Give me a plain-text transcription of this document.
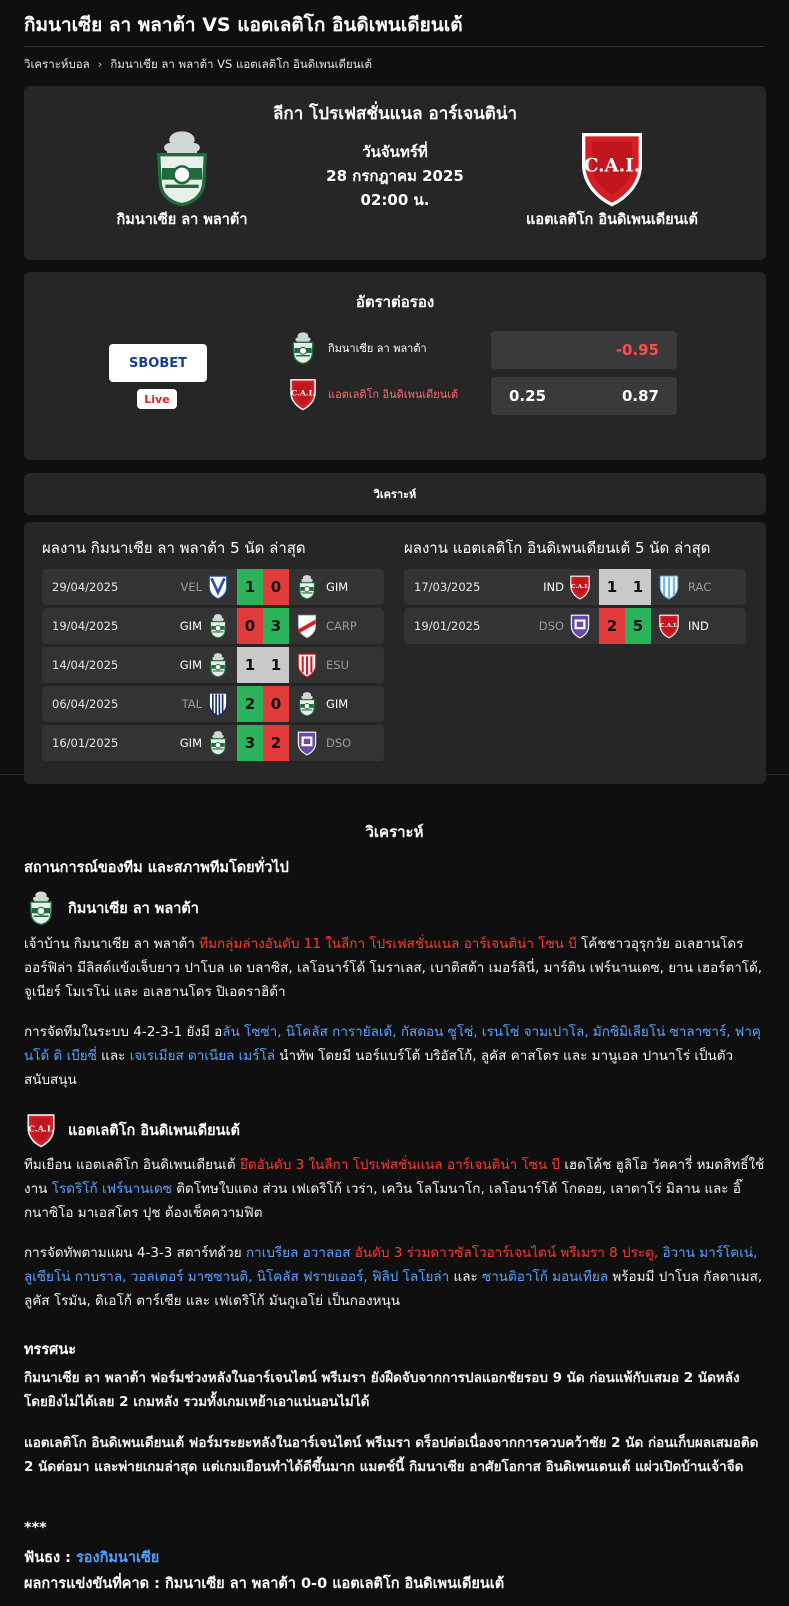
กิมนาเซีย ลา พลาต้า VS แอตเลติโก อินดิเพนเดียนเต้
วิเคราะห์บอล › กิมนาเซีย ลา พลาต้า VS แอตเลติโก อินดิเพนเดียนเต้
ลีกา โปรเฟสชั่นแนล อาร์เจนติน่า
กิมนาเซีย ลา พลาต้า	แอตเลติโก อินดิเพนเดียนเต้
วันจันทร์ที่
28 กรกฎาคม 2025
02:00 น.
อัตราต่อรอง
SBOBET
Live
กิมนาเซีย ลา พลาต้า
แอตเลติโก อินดิเพนเดียนเต้
-0.95
0.25	0.87
วิเคราะห์
ผลงาน กิมนาเซีย ลา พลาต้า 5 นัด ล่าสุด
29/04/2025	VEL	1	0	GIM
19/04/2025	GIM	0	3	CARP
14/04/2025	GIM	1	1	ESU
06/04/2025	TAL	2	0	GIM
16/01/2025	GIM	3	2	DSO
ผลงาน แอตเลติโก อินดิเพนเดียนเต้ 5 นัด ล่าสุด
17/03/2025	IND	1	1	RAC
19/01/2025	DSO	2	5	IND
วิเคราะห์
สถานการณ์ของทีม และสภาพทีมโดยทั่วไป
กิมนาเซีย ลา พลาต้า

เจ้าบ้าน กิมนาเซีย ลา พลาต้า ทีมกลุ่มล่างอันดับ 11 ในลีกา โปรเฟสชั่นแนล อาร์เจนติน่า โซน บี โค้ชชาวอุรุกวัย อเลฮานโดร ออร์ฟิล่า มีลิสต์แข้งเจ็บยาว ปาโบล เด บลาซิส, เลโอนาร์โด้ โมราเลส, เบาติสต้า เมอร์ลินี่, มาร์ติน เฟร์นานเดซ, ยาน เฮอร์ตาโด้, จูเนียร์ โมเรโน่ และ อเลฮานโดร ปิเอดราฮิต้า

การจัดทีมในระบบ 4-2-3-1 ยังมี อลัน โซซ่า, นิโคลัส การายัลเด้, กัสตอน ซูโซ่, เรนโซ่ จามเปาโล, มักซิมิเลียโน่ ซาลาซาร์, ฟาคุนโด้ ดิ เบียซี่ และ เจเรเมียส ดาเนียล เมร์โล่ นำทัพ โดยมี นอร์แบร์โต้ บริอัสโก้, ลูคัส คาสโตร และ มานูเอล ปานาโร่ เป็นตัวสนับสนุน

แอตเลติโก อินดิเพนเดียนเต้

ทีมเยือน แอตเลติโก อินดิเพนเดียนเต้ ยึดอันดับ 3 ในลีกา โปรเฟสชั่นแนล อาร์เจนติน่า โซน บี เฮดโค้ช ฮูลิโอ วัคคารี่ หมดสิทธิ์ใช้งาน โรดริโก้ เฟร์นานเดซ ติดโทษใบแดง ส่วน เฟเดริโก้ เวร่า, เควิน โลโมนาโก, เลโอนาร์โด้ โกดอย, เลาตาโร่ มิลาน และ อิ๊กนาซิโอ มาเอสโตร ปุช ต้องเช็คความฟิต

การจัดทัพตามแผน 4-3-3 สตาร์ทด้วย กาเบรียล อวาลอส อันดับ 3 ร่วมดาวซัลโวอาร์เจนไตน์ พรีเมรา 8 ประตู, อิวาน มาร์โคเน่, ลูเซียโน่ กาบราล, วอลเตอร์ มาซซานติ, นิโคลัส ฟรายเออร์, ฟิลิป โลโยล่า และ ซานติอาโก้ มอนเทียล พร้อมมี ปาโบล กัลดาเมส, ลูคัส โรมัน, ดิเอโก้ ตาร์เซีย และ เฟเดริโก้ มันกูเอโย่ เป็นกองหนุน

ทรรศนะ

กิมนาเซีย ลา พลาต้า ฟอร์มช่วงหลังในอาร์เจนไตน์ พรีเมรา ยังฝืดจับจากการปลแอกชัยรอบ 9 นัด ก่อนแพ้กับเสมอ 2 นัดหลัง โดยยิงไม่ได้เลย 2 เกมหลัง รวมทั้งเกมเหย้าเอาแน่นอนไม่ได้

แอตเลติโก อินดิเพนเดียนเต้ ฟอร์มระยะหลังในอาร์เจนไตน์ พรีเมรา ดร็อปต่อเนื่องจากการควบคว้าชัย 2 นัด ก่อนเก็บผลเสมอติด 2 นัดต่อมา และพ่ายเกมล่าสุด แต่เกมเยือนทำได้ดีขึ้นมาก แมตช์นี้ กิมนาเซีย อาศัยโอกาส อินดิเพนเดนเต้ แผ่วเปิดบ้านเจ้าจืด

***
ฟันธง : รองกิมนาเซีย
ผลการแข่งขันที่คาด : กิมนาเซีย ลา พลาต้า 0-0 แอตเลติโก อินดิเพนเดียนเต้
